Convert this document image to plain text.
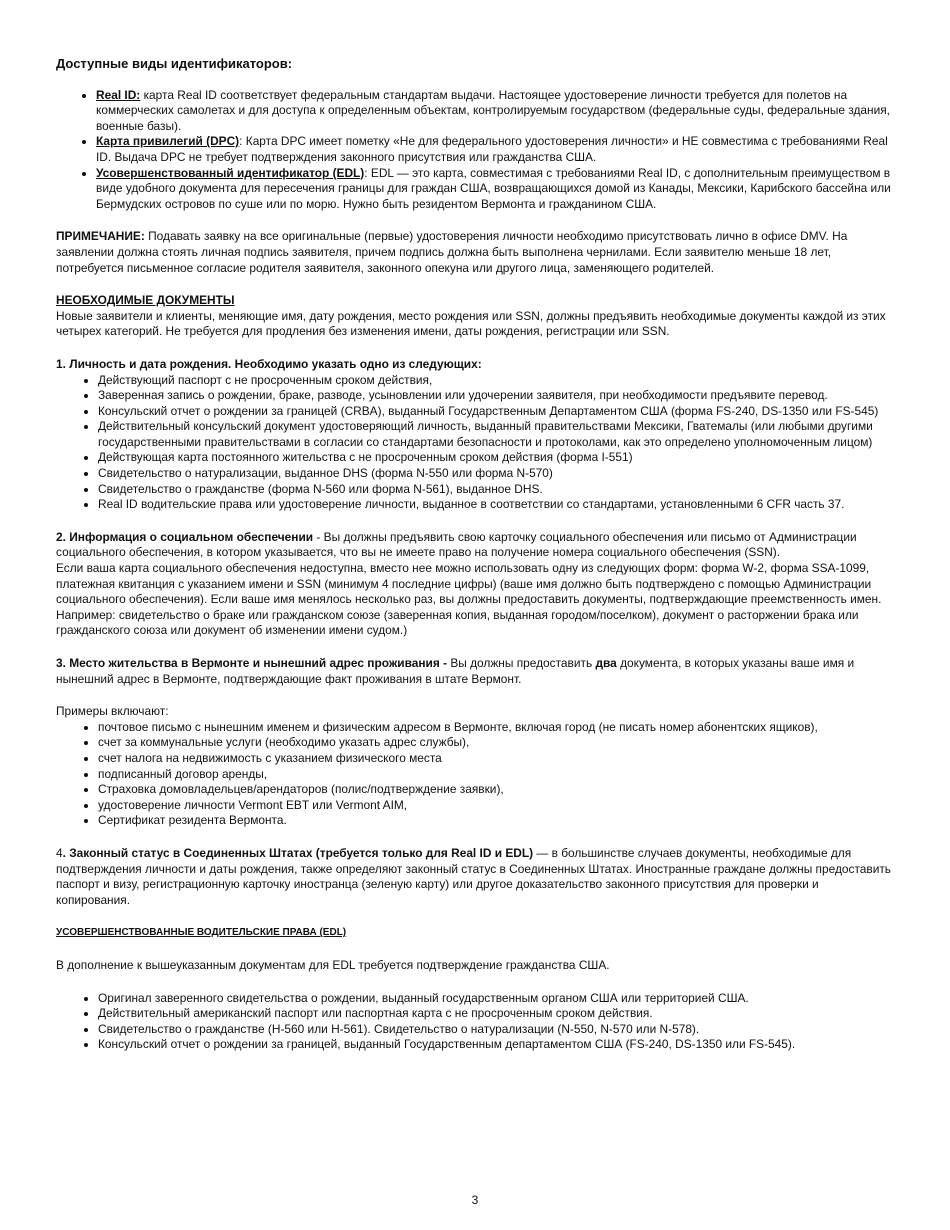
Доступные виды идентификаторов:
• Real ID: карта Real ID соответствует федеральным стандартам выдачи. Настоящее удостоверение личности требуется для полетов на коммерческих самолетах и для доступа к определенным объектам, контролируемым государством (федеральные суды, федеральные здания, военные базы).
• Карта привилегий (DPC): Карта DPC имеет пометку «Не для федерального удостоверения личности» и НЕ совместима с требованиями Real ID. Выдача DPC не требует подтверждения законного присутствия или гражданства США.
• Усовершенствованный идентификатор (EDL): EDL — это карта, совместимая с требованиями Real ID, с дополнительным преимуществом в виде удобного документа для пересечения границы для граждан США, возвращающихся домой из Канады, Мексики, Карибского бассейна или Бермудских островов по суше или по морю. Нужно быть резидентом Вермонта и гражданином США.

ПРИМЕЧАНИЕ: Подавать заявку на все оригинальные (первые) удостоверения личности необходимо присутствовать лично в офисе DMV. На заявлении должна стоять личная подпись заявителя, причем подпись должна быть выполнена чернилами. Если заявителю меньше 18 лет, потребуется письменное согласие родителя заявителя, законного опекуна или другого лица, заменяющего родителей.

НЕОБХОДИМЫЕ ДОКУМЕНТЫ

Новые заявители и клиенты, меняющие имя, дату рождения, место рождения или SSN, должны предъявить необходимые документы каждой из этих четырех категорий. Не требуется для продления без изменения имени, даты рождения, регистрации или SSN.

1. Личность и дата рождения. Необходимо указать одно из следующих:

• Действующий паспорт с не просроченным сроком действия,
• Заверенная запись о рождении, браке, разводе, усыновлении или удочерении заявителя, при необходимости предъявите перевод.
• Консульский отчет о рождении за границей (CRBA), выданный Государственным Департаментом США (форма FS-240, DS-1350 или FS-545)
• Действительный консульский документ удостоверяющий личность, выданный правительствами Мексики, Гватемалы (или любыми другими государственными правительствами в согласии со стандартами безопасности и протоколами, как это определено уполномоченным лицом)
• Действующая карта постоянного жительства с не просроченным сроком действия (форма I-551)
• Свидетельство о натурализации, выданное DHS (форма N-550 или форма N-570)
• Свидетельство о гражданстве (форма N-560 или форма N-561), выданное DHS.
• Real ID водительские права или удостоверение личности, выданное в соответствии со стандартами, установленными 6 CFR часть 37.

2. Информация о социальном обеспечении - Вы должны предъявить свою карточку социального обеспечения или письмо от Администрации социального обеспечения, в котором указывается, что вы не имеете право на получение номера социального обеспечения (SSN).

Если ваша карта социального обеспечения недоступна, вместо нее можно использовать одну из следующих форм: форма W-2, форма SSA-1099, платежная квитанция с указанием имени и SSN (минимум 4 последние цифры) (ваше имя должно быть подтверждено с помощью Администрации социального обеспечения). Если ваше имя менялось несколько раз, вы должны предоставить документы, подтверждающие преемственность имен. Например: свидетельство о браке или гражданском союзе (заверенная копия, выданная городом/поселком), документ о расторжении брака или гражданского союза или документ об изменении имени судом.)

3. Место жительства в Вермонте и нынешний адрес проживания - Вы должны предоставить два документа, в которых указаны ваше имя и нынешний адрес в Вермонте, подтверждающие факт проживания в штате Вермонт.

Примеры включают:

• почтовое письмо с нынешним именем и физическим адресом в Вермонте, включая город (не писать номер абонентских ящиков),
• счет за коммунальные услуги (необходимо указать адрес службы),
• счет налога на недвижимость с указанием физического места
• подписанный договор аренды,
• Страховка домовладельцев/арендаторов (полис/подтверждение заявки),
• удостоверение личности Vermont EBT или Vermont AIM,
• Сертификат резидента Вермонта.

4. Законный статус в Соединенных Штатах (требуется только для Real ID и EDL) — в большинстве случаев документы, необходимые для подтверждения личности и даты рождения, также определяют законный статус в Соединенных Штатах. Иностранные граждане должны предоставить паспорт и визу, регистрационную карточку иностранца (зеленую карту) или другое доказательство законного присутствия для проверки и копирования.

УСОВЕРШЕНСТВОВАННЫЕ ВОДИТЕЛЬСКИЕ ПРАВА (EDL)

В дополнение к вышеуказанным документам для EDL требуется подтверждение гражданства США.

• Оригинал заверенного свидетельства о рождении, выданный государственным органом США или территорией США.
• Действительный американский паспорт или паспортная карта с не просроченным сроком действия.
• Свидетельство о гражданстве (Н-560 или Н-561). Свидетельство о натурализации (N-550, N-570 или N-578).
• Консульский отчет о рождении за границей, выданный Государственным департаментом США (FS-240, DS-1350 или FS-545).
3
